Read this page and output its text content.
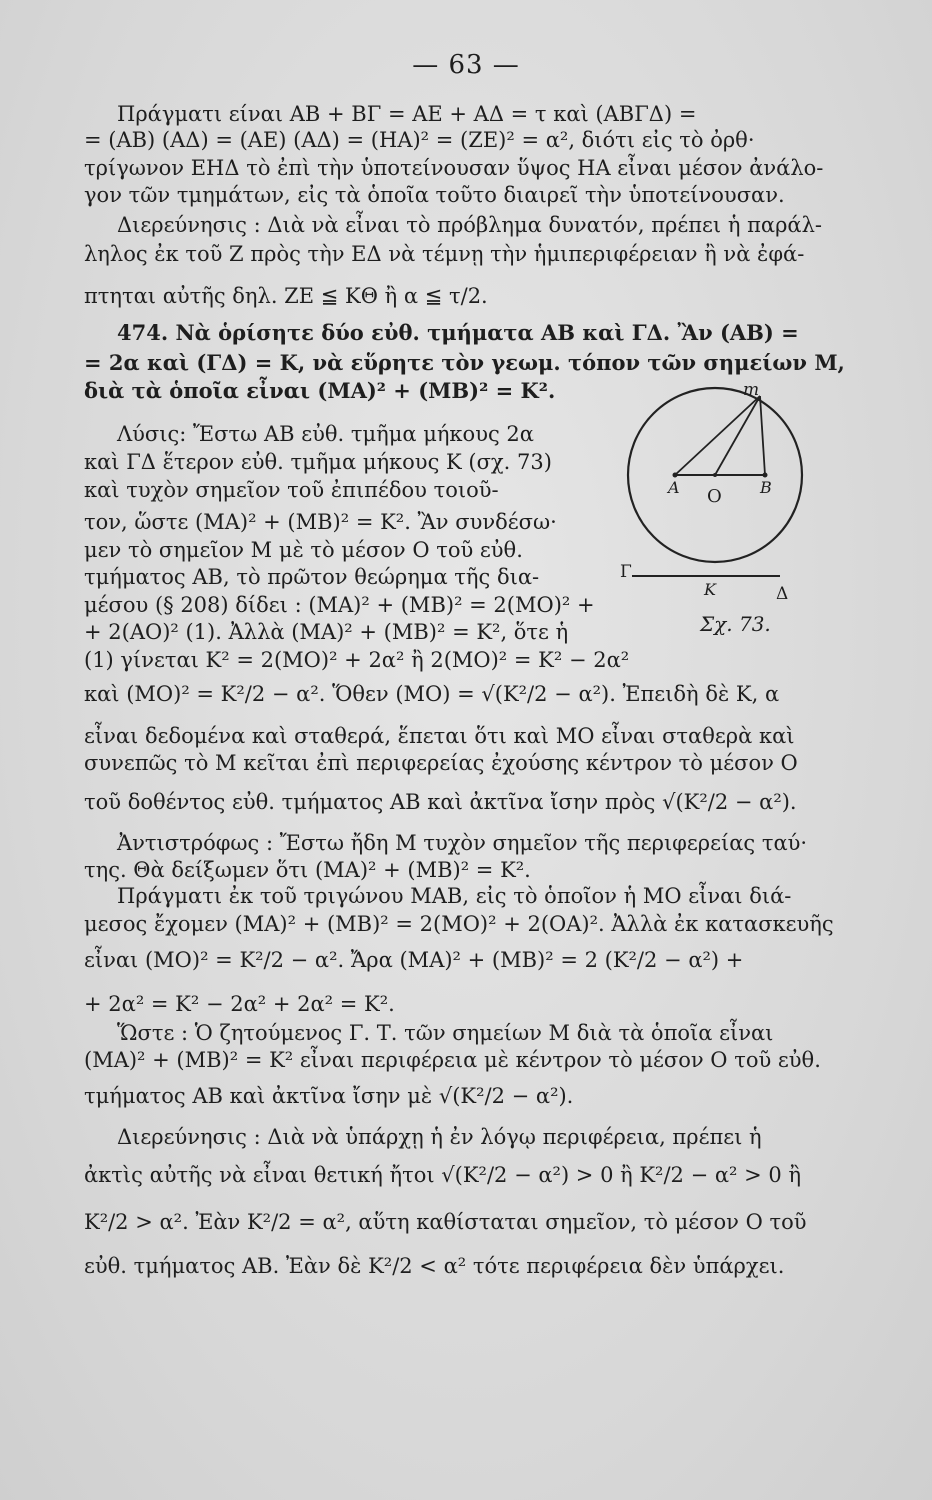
— 63 —
Πράγματι είναι ΑΒ + ΒΓ = ΑΕ + ΑΔ = τ καὶ (ΑΒΓΔ) =
= (ΑΒ) (ΑΔ) = (ΑΕ) (ΑΔ) = (ΗΑ)² = (ΖΕ)² = α², διότι εἰς τὸ ὀρθ·
τρίγωνον ΕΗΔ τὸ ἐπὶ τὴν ὑποτείνουσαν ὕψος ΗΑ εἶναι μέσον ἀνάλο-
γον τῶν τμημάτων, εἰς τὰ ὁποῖα τοῦτο διαιρεῖ τὴν ὑποτείνουσαν.
Διερεύνησις : Διὰ νὰ εἶναι τὸ πρόβλημα δυνατόν, πρέπει ἡ παράλ-
ληλος ἐκ τοῦ Ζ πρὸς τὴν ΕΔ νὰ τέμνῃ τὴν ἡμιπεριφέρειαν ἢ νὰ ἐφά-
πτηται αὐτῆς δηλ. ΖΕ ≦ ΚΘ ἢ α ≦ τ/2.
474. Νὰ ὁρίσητε δύο εὐθ. τμήματα ΑΒ καὶ ΓΔ. Ἂν (ΑΒ) =
= 2α καὶ (ΓΔ) = Κ, νὰ εὕρητε τὸν γεωμ. τόπον τῶν σημείων Μ,
διὰ τὰ ὁποῖα εἶναι (ΜΑ)² + (ΜΒ)² = Κ².
Λύσις: Ἔστω ΑΒ εὐθ. τμῆμα μήκους 2α
καὶ ΓΔ ἕτερον εὐθ. τμῆμα μήκους Κ (σχ. 73)
καὶ τυχὸν σημεῖον τοῦ ἐπιπέδου τοιοῦ-
τον, ὥστε (ΜΑ)² + (ΜΒ)² = Κ². Ἂν συνδέσω·
μεν τὸ σημεῖον Μ μὲ τὸ μέσον Ο τοῦ εὐθ.
τμήματος ΑΒ, τὸ πρῶτον θεώρημα τῆς δια-
μέσου (§ 208) δίδει : (ΜΑ)² + (ΜΒ)² = 2(ΜΟ)² +
+ 2(ΑΟ)² (1). Ἀλλὰ (ΜΑ)² + (ΜΒ)² = Κ², ὅτε ἡ
(1) γίνεται Κ² = 2(ΜΟ)² + 2α² ἢ 2(ΜΟ)² = Κ² − 2α²
καὶ (ΜΟ)² = Κ²/2 − α². Ὅθεν (ΜΟ) = √(Κ²/2 − α²). Ἐπειδὴ δὲ Κ, α
εἶναι δεδομένα καὶ σταθερά, ἕπεται ὅτι καὶ ΜΟ εἶναι σταθερὰ καὶ
συνεπῶς τὸ Μ κεῖται ἐπὶ περιφερείας ἐχούσης κέντρον τὸ μέσον Ο
τοῦ δοθέντος εὐθ. τμήματος ΑΒ καὶ ἀκτῖνα ἴσην πρὸς √(Κ²/2 − α²).
Ἀντιστρόφως : Ἔστω ἤδη Μ τυχὸν σημεῖον τῆς περιφερείας ταύ·
της. Θὰ δείξωμεν ὅτι (ΜΑ)² + (ΜΒ)² = Κ².
Πράγματι ἐκ τοῦ τριγώνου ΜΑΒ, εἰς τὸ ὁποῖον ἡ ΜΟ εἶναι διά-
μεσος ἔχομεν (ΜΑ)² + (ΜΒ)² = 2(ΜΟ)² + 2(ΟΑ)². Ἀλλὰ ἐκ κατασκευῆς
εἶναι (ΜΟ)² = Κ²/2 − α². Ἄρα (ΜΑ)² + (ΜΒ)² = 2 (Κ²/2 − α²) +
+ 2α² = Κ² − 2α² + 2α² = Κ².
Ὥστε : Ὁ ζητούμενος Γ. Τ. τῶν σημείων Μ διὰ τὰ ὁποῖα εἶναι
(ΜΑ)² + (ΜΒ)² = Κ² εἶναι περιφέρεια μὲ κέντρον τὸ μέσον Ο τοῦ εὐθ.
τμήματος ΑΒ καὶ ἀκτῖνα ἴσην μὲ √(Κ²/2 − α²).
Διερεύνησις : Διὰ νὰ ὑπάρχῃ ἡ ἐν λόγῳ περιφέρεια, πρέπει ἡ
ἀκτὶς αὐτῆς νὰ εἶναι θετική ἤτοι √(Κ²/2 − α²) > 0 ἢ Κ²/2 − α² > 0 ἢ
Κ²/2 > α². Ἐὰν Κ²/2 = α², αὕτη καθίσταται σημεῖον, τὸ μέσον Ο τοῦ
εὐθ. τμήματος ΑΒ. Ἐὰν δὲ Κ²/2 < α² τότε περιφέρεια δὲν ὑπάρχει.
m
A O B
Γ
K	Δ
Σχ. 73.
